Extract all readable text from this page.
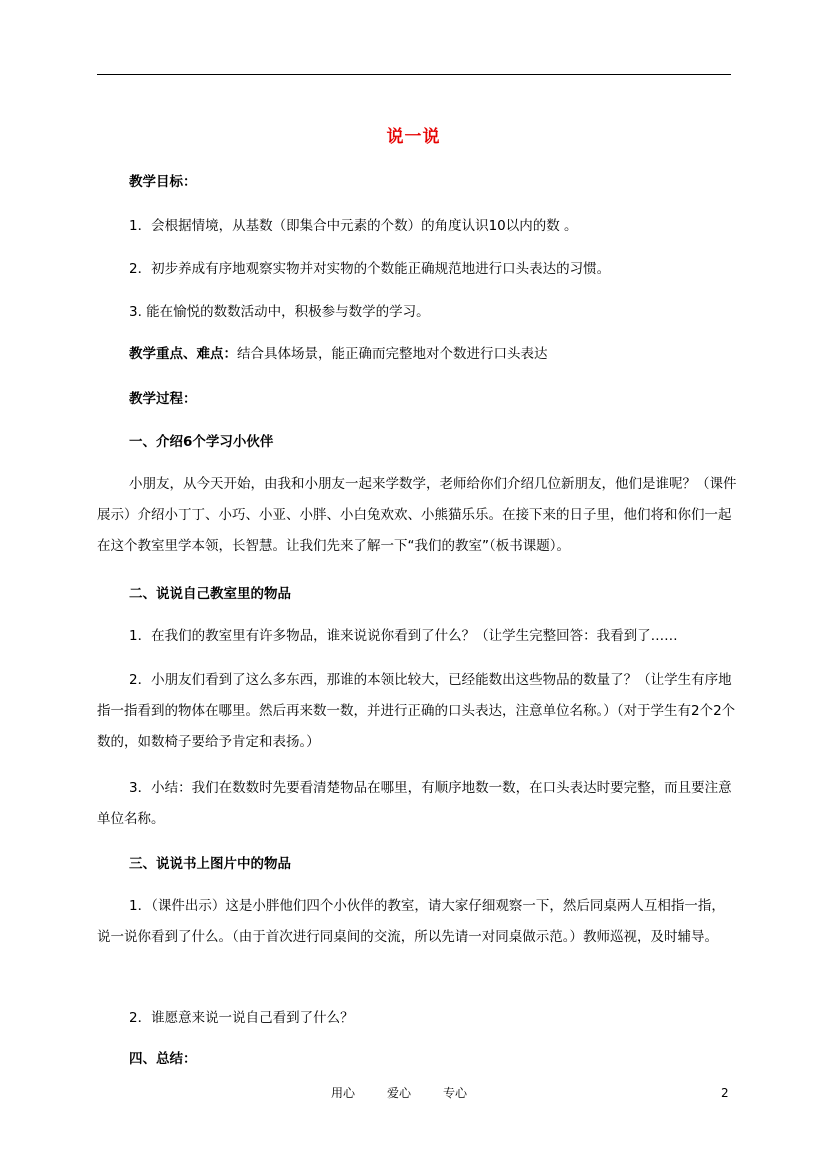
说一说
教学目标：
1．会根据情境，从基数（即集合中元素的个数）的角度认识10以内的数 。
2．初步养成有序地观察实物并对实物的个数能正确规范地进行口头表达的习惯。
3. 能在愉悦的数数活动中，积极参与数学的学习。
教学重点、难点：结合具体场景，能正确而完整地对个数进行口头表达
教学过程：
一、介绍6个学习小伙伴
小朋友，从今天开始，由我和小朋友一起来学数学，老师给你们介绍几位新朋友，他们是谁呢？（课件展示）介绍小丁丁、小巧、小亚、小胖、小白兔欢欢、小熊猫乐乐。在接下来的日子里，他们将和你们一起在这个教室里学本领，长智慧。让我们先来了解一下“我们的教室”（板书课题）。
二、说说自己教室里的物品
1．在我们的教室里有许多物品，谁来说说你看到了什么？（让学生完整回答：我看到了……
2．小朋友们看到了这么多东西，那谁的本领比较大，已经能数出这些物品的数量了？（让学生有序地指一指看到的物体在哪里。然后再来数一数，并进行正确的口头表达，注意单位名称。）（对于学生有2个2个数的，如数椅子要给予肯定和表扬。）
3．小结：我们在数数时先要看清楚物品在哪里，有顺序地数一数，在口头表达时要完整，而且要注意单位名称。
三、说说书上图片中的物品
1．（课件出示）这是小胖他们四个小伙伴的教室，请大家仔细观察一下，然后同桌两人互相指一指，说一说你看到了什么。（由于首次进行同桌间的交流，所以先请一对同桌做示范。）教师巡视，及时辅导。
2．谁愿意来说一说自己看到了什么？
四、总结：
用心	爱心	专心	2
